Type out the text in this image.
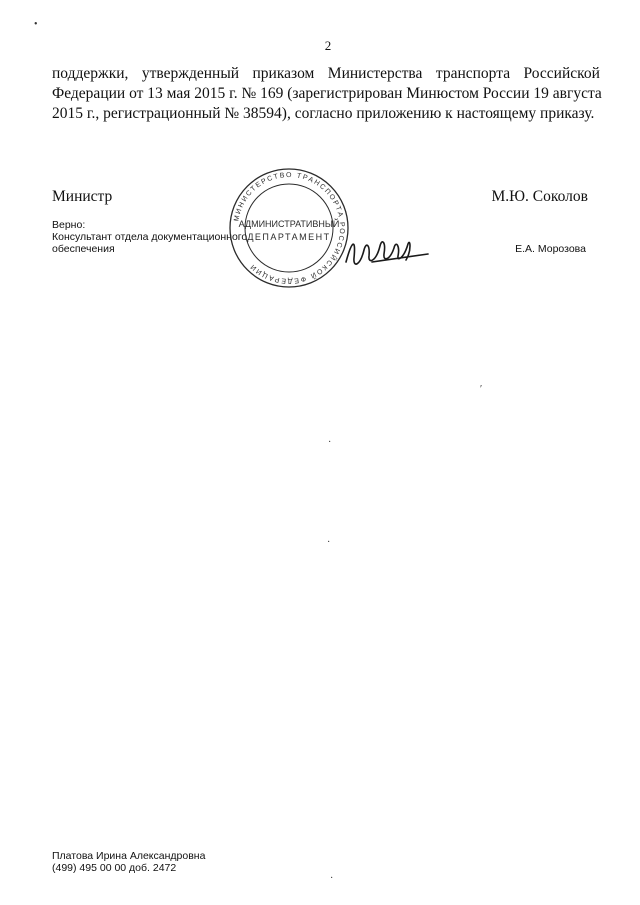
2
поддержки, утвержденный приказом Министерства транспорта Российской
Федерации от 13 мая 2015 г. № 169 (зарегистрирован Минюстом России 19 августа
2015 г., регистрационный № 38594), согласно приложению к настоящему приказу.
Министр	М.Ю. Соколов
Верно:
Консультант отдела документационного
обеспечения	Е.А. Морозова
МИНИСТЕРСТВО ТРАНСПОРТА РОССИЙСКОЙ ФЕДЕРАЦИИ
АДМИНИСТРАТИВНЫЙ
ДЕПАРТАМЕНТ
•
ʹ
·
·
·
Платова Ирина Александровна
(499) 495 00 00 доб. 2472
